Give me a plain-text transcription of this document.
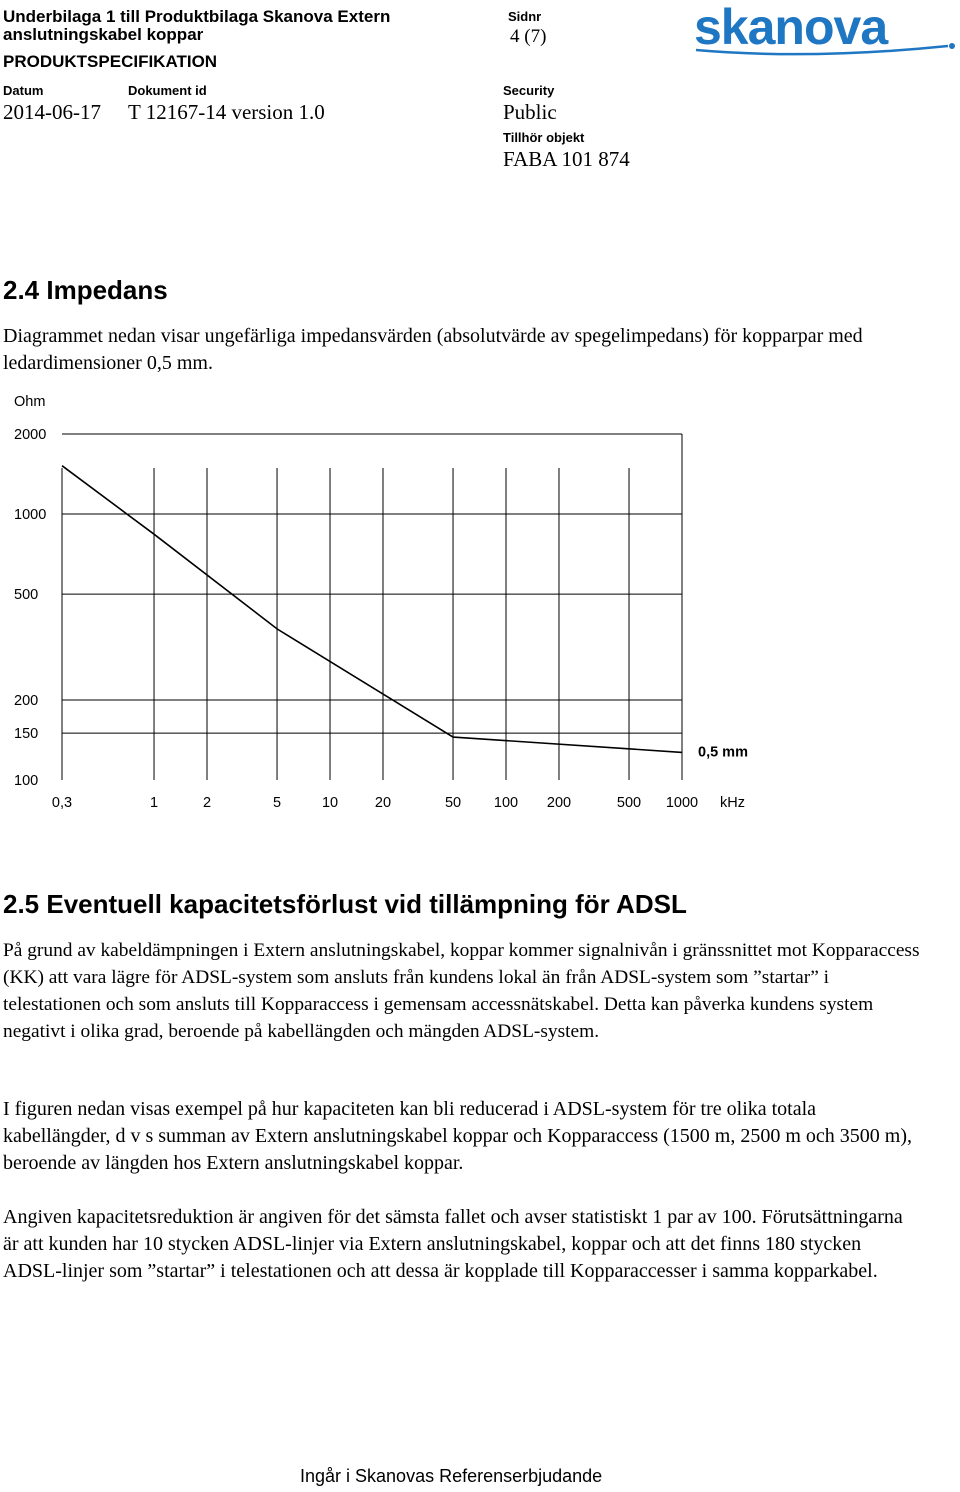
Underbilaga 1 till Produktbilaga Skanova Extern
anslutningskabel koppar
PRODUKTSPECIFIKATION
Sidnr
4 (7)
Datum
2014-06-17
Dokument id
T 12167-14 version 1.0
Security
Public
Tillhör objekt
FABA 101 874
skanova
2.4 Impedans
Diagrammet nedan visar ungefärliga impedansvärden (absolutvärde av spegelimpedans) för kopparpar med ledardimensioner 0,5 mm.
0,5 mm
Ohm
2000
1000
500
200
150
100
0,3	1	2	5	10	20	50 100 200	500 1000 kHz
2.5 Eventuell kapacitetsförlust vid tillämpning för ADSL
På grund av kabeldämpningen i Extern anslutningskabel, koppar kommer signalnivån i gränssnittet mot Kopparaccess (KK) att vara lägre för ADSL-system som ansluts från kundens lokal än från ADSL-system som ”startar” i telestationen och som ansluts till Kopparaccess i gemensam accessnätskabel. Detta kan påverka kundens system negativt i olika grad, beroende på kabellängden och mängden ADSL-system.
I figuren nedan visas exempel på hur kapaciteten kan bli reducerad i ADSL-system för tre olika totala kabellängder, d v s summan av Extern anslutningskabel koppar och Kopparaccess (1500 m, 2500 m och 3500 m), beroende av längden hos Extern anslutningskabel koppar.
Angiven kapacitetsreduktion är angiven för det sämsta fallet och avser statistiskt 1 par av 100. Förutsättningarna är att kunden har 10 stycken ADSL-linjer via Extern anslutningskabel, koppar och att det finns 180 stycken ADSL-linjer som ”startar” i telestationen och att dessa är kopplade till Kopparaccesser i samma kopparkabel.
Ingår i Skanovas Referenserbjudande
